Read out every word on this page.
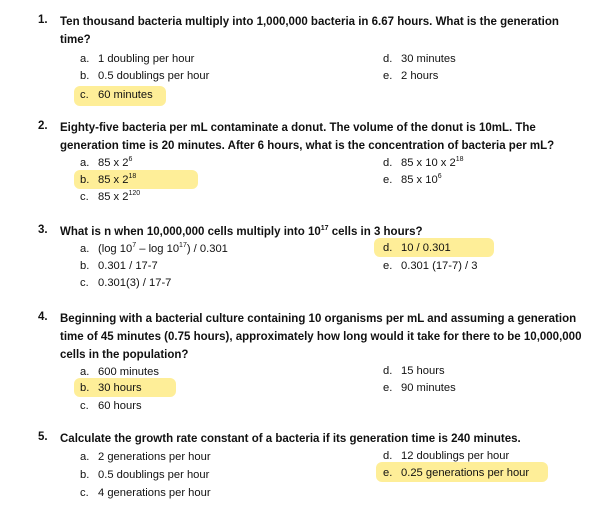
1. Ten thousand bacteria multiply into 1,000,000 bacteria in 6.67 hours. What is the generation time?
a. 1 doubling per hour
b. 0.5 doublings per hour
c. 60 minutes
d. 30 minutes
e. 2 hours
2. Eighty-five bacteria per mL contaminate a donut. The volume of the donut is 10mL. The generation time is 20 minutes. After 6 hours, what is the concentration of bacteria per mL?
a. 85 x $2^6$
b. 85 x $2^{18}$
c. 85 x $2^{120}$
d. 85 x 10 x $2^{18}$
e. 85 x $10^6$
3. What is n when 10,000,000 cells multiply into $10^{17}$ cells in 3 hours?
a. (log $10^7$ – $\log 10^{17}) / 0.301$
b. 0.301 / 17-7
c. 0.301(3) / 17-7
d. 10 / 0.301
e. 0.301 (17-7) / 3
4. Beginning with a bacterial culture containing 10 organisms per mL and assuming a generation time of 45 minutes (0.75 hours), approximately how long would it take for there to be 10,000,000 cells in the population?
a. 600 minutes
b. 30 hours
c. 60 hours
d. 15 hours
e. 90 minutes
5. Calculate the growth rate constant of a bacteria if its generation time is 240 minutes.
a. 2 generations per hour
b. 0.5 doublings per hour
c. 4 generations per hour
d. 12 doublings per hour
e. 0.25 generations per hour
